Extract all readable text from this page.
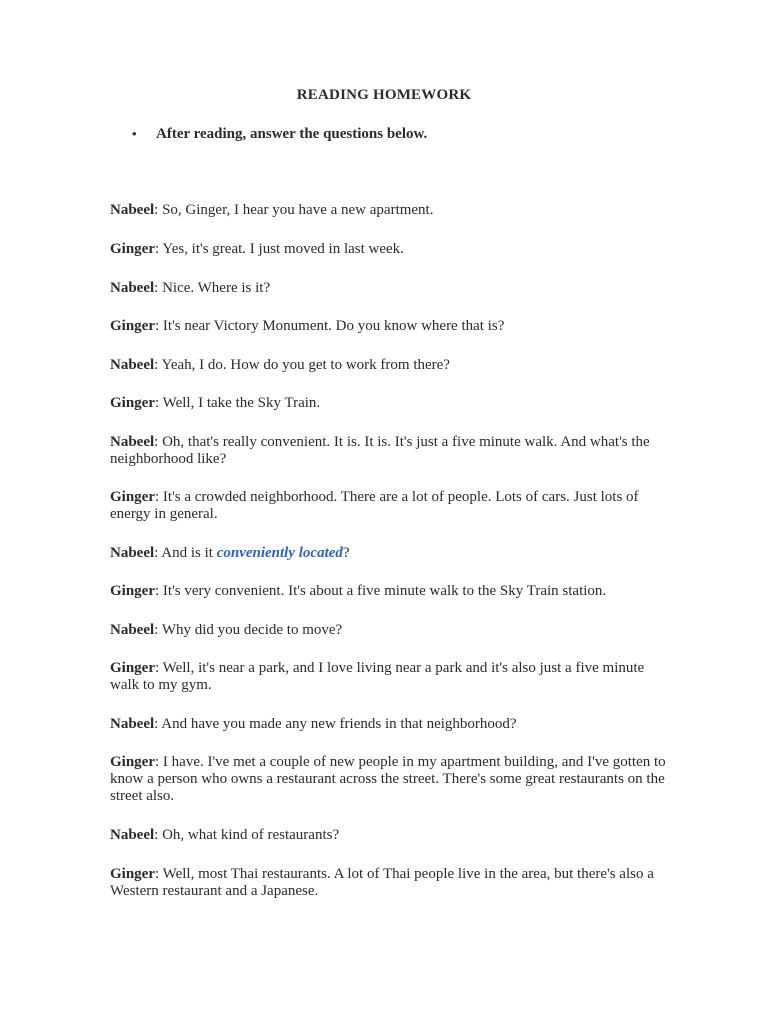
READING HOMEWORK
• After reading, answer the questions below.
Nabeel: So, Ginger, I hear you have a new apartment.
Ginger: Yes, it's great. I just moved in last week.
Nabeel: Nice. Where is it?
Ginger: It's near Victory Monument. Do you know where that is?
Nabeel: Yeah, I do. How do you get to work from there?
Ginger: Well, I take the Sky Train.
Nabeel: Oh, that's really convenient. It is. It is. It's just a five minute walk. And what's the neighborhood like?
Ginger: It's a crowded neighborhood. There are a lot of people. Lots of cars. Just lots of energy in general.
Nabeel: And is it conveniently located?
Ginger: It's very convenient. It's about a five minute walk to the Sky Train station.
Nabeel: Why did you decide to move?
Ginger: Well, it's near a park, and I love living near a park and it's also just a five minute walk to my gym.
Nabeel: And have you made any new friends in that neighborhood?
Ginger: I have. I've met a couple of new people in my apartment building, and I've gotten to know a person who owns a restaurant across the street. There's some great restaurants on the street also.
Nabeel: Oh, what kind of restaurants?
Ginger: Well, most Thai restaurants. A lot of Thai people live in the area, but there's also a Western restaurant and a Japanese.
